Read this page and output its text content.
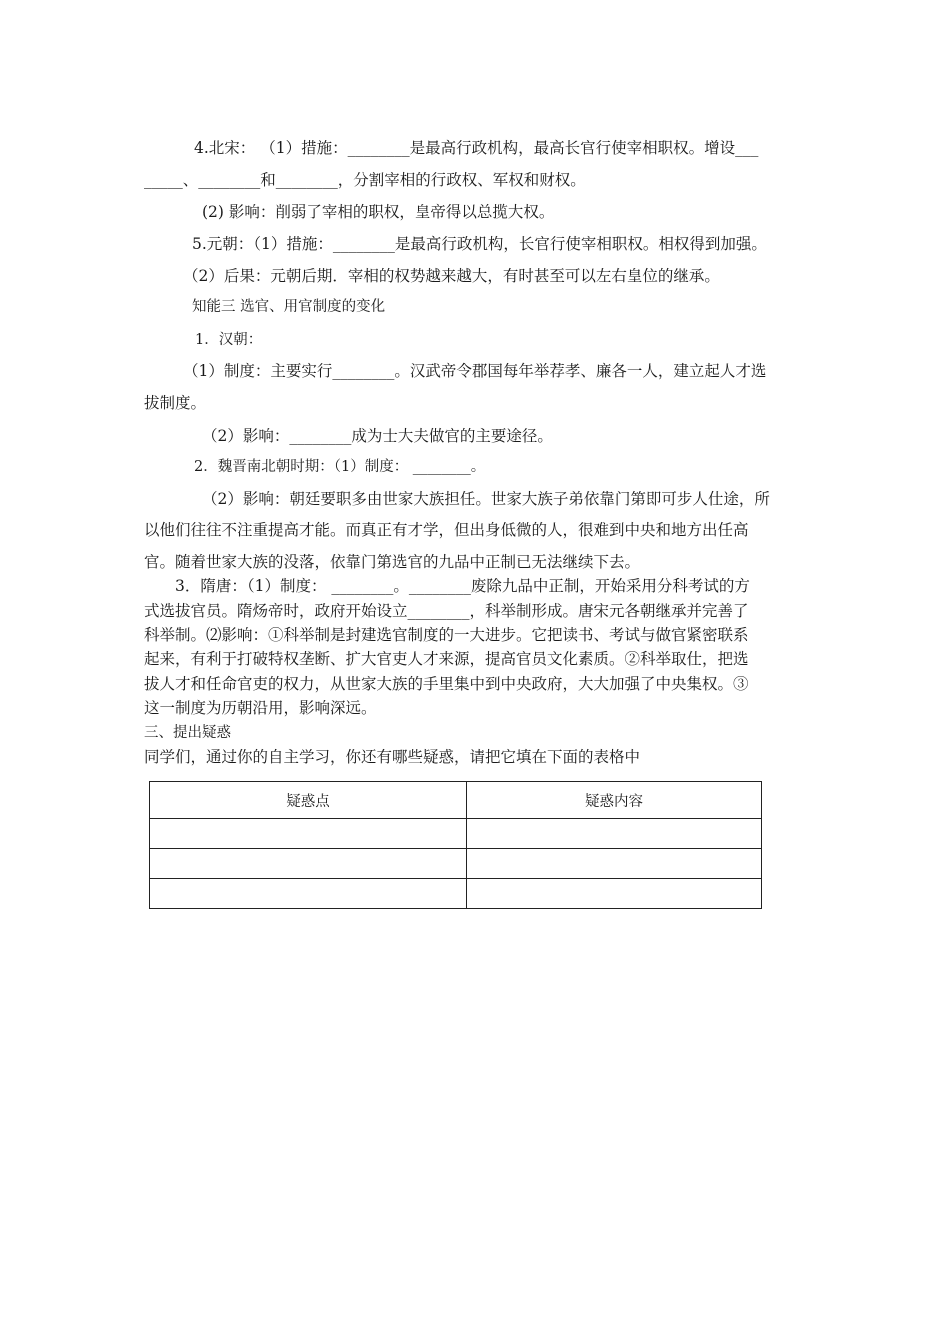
4.北宋： （1）措施：________是最高行政机构，最高长官行使宰相职权。增设___
_____、________和________，分割宰相的行政权、军权和财权。
(2) 影响：削弱了宰相的职权，皇帝得以总揽大权。
5.元朝：（1）措施：________是最高行政机构，长官行使宰相职权。相权得到加强。
（2）后果：元朝后期．宰相的权势越来越大，有时甚至可以左右皇位的继承。
知能三 选官、用官制度的变化
1．汉朝：
（1）制度：主要实行________。汉武帝令郡国每年举荐孝、廉各一人，建立起人才选
拔制度。
（2）影响：________成为士大夫做官的主要途径。
2．魏晋南北朝时期：（1）制度： ________。
（2）影响：朝廷要职多由世家大族担任。世家大族子弟依靠门第即可步人仕途，所
以他们往往不注重提高才能。而真正有才学，但出身低微的人，很难到中央和地方出任高
官。随着世家大族的没落，依靠门第选官的九品中正制已无法继续下去。
3．隋唐：（1）制度： ________。________废除九品中正制，开始采用分科考试的方
式选拔官员。隋炀帝时，政府开始设立________，科举制形成。唐宋元各朝继承并完善了
科举制。⑵影响：①科举制是封建选官制度的一大进步。它把读书、考试与做官紧密联系
起来，有利于打破特权垄断、扩大官吏人才来源，提高官员文化素质。②科举取仕，把选
拔人才和任命官吏的权力，从世家大族的手里集中到中央政府，大大加强了中央集权。③
这一制度为历朝沿用，影响深远。
三、提出疑惑
同学们，通过你的自主学习，你还有哪些疑惑，请把它填在下面的表格中
疑惑点	疑惑内容
